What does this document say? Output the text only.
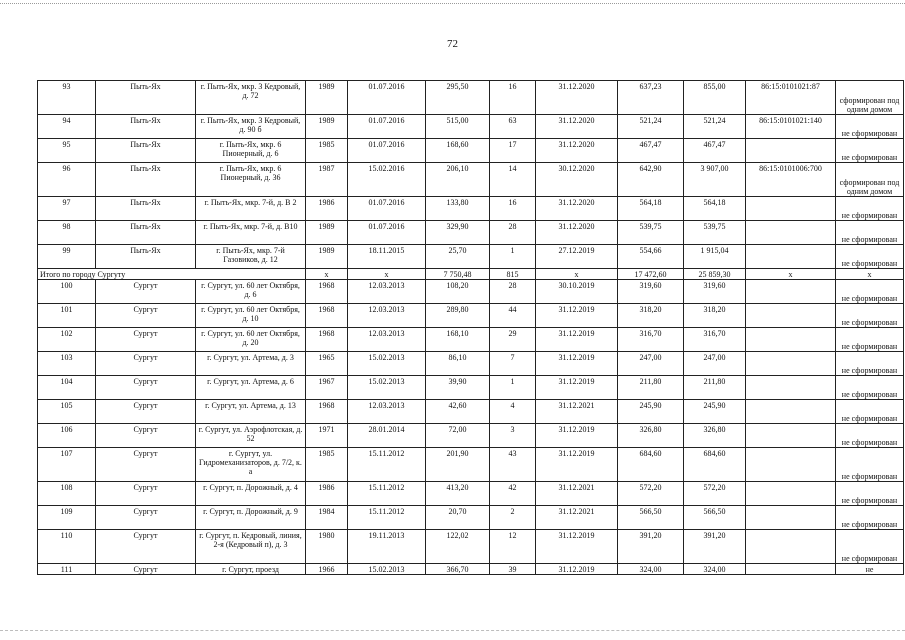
72
93	Пыть-Ях	г. Пыть-Ях, мкр. 3 Кедровый, д. 72	1989	01.07.2016	295,50	16	31.12.2020	637,23	855,00	86:15:0101021:87	сформирован под одним домом
94	Пыть-Ях	г. Пыть-Ях, мкр. 3 Кедровый, д. 90 б	1989	01.07.2016	515,00	63	31.12.2020	521,24	521,24	86:15:0101021:140	не сформирован
95	Пыть-Ях	г. Пыть-Ях, мкр. 6 Пионерный, д. 6	1985	01.07.2016	168,60	17	31.12.2020	467,47	467,47		не сформирован
96	Пыть-Ях	г. Пыть-Ях, мкр. 6 Пионерный, д. 36	1987	15.02.2016	206,10	14	30.12.2020	642,90	3 907,00	86:15:0101006:700	сформирован под одним домом
97	Пыть-Ях	г. Пыть-Ях, мкр. 7-й, д. В 2	1986	01.07.2016	133,80	16	31.12.2020	564,18	564,18		не сформирован
98	Пыть-Ях	г. Пыть-Ях, мкр. 7-й, д. В10	1989	01.07.2016	329,90	28	31.12.2020	539,75	539,75		не сформирован
99	Пыть-Ях	г. Пыть-Ях, мкр. 7-й Газовиков, д. 12	1989	18.11.2015	25,70	1	27.12.2019	554,66	1 915,04		не сформирован
Итого по городу Сургуту			x	x	7 750,48	815	x	17 472,60	25 859,30	x	x
100	Сургут	г. Сургут, ул. 60 лет Октября, д. 6	1968	12.03.2013	108,20	28	30.10.2019	319,60	319,60		не сформирован
101	Сургут	г. Сургут, ул. 60 лет Октября, д. 10	1968	12.03.2013	289,80	44	31.12.2019	318,20	318,20		не сформирован
102	Сургут	г. Сургут, ул. 60 лет Октября, д. 20	1968	12.03.2013	168,10	29	31.12.2019	316,70	316,70		не сформирован
103	Сургут	г. Сургут, ул. Артема, д. 3	1965	15.02.2013	86,10	7	31.12.2019	247,00	247,00		не сформирован
104	Сургут	г. Сургут, ул. Артема, д. 6	1967	15.02.2013	39,90	1	31.12.2019	211,80	211,80		не сформирован
105	Сургут	г. Сургут, ул. Артема, д. 13	1968	12.03.2013	42,60	4	31.12.2021	245,90	245,90		не сформирован
106	Сургут	г. Сургут, ул. Аэрофлотская, д. 52	1971	28.01.2014	72,00	3	31.12.2019	326,80	326,80		не сформирован
107	Сургут	г. Сургут, ул. Гидромеханизаторов, д. 7/2, к. а	1985	15.11.2012	201,90	43	31.12.2019	684,60	684,60		не сформирован
108	Сургут	г. Сургут, п. Дорожный, д. 4	1986	15.11.2012	413,20	42	31.12.2021	572,20	572,20		не сформирован
109	Сургут	г. Сургут, п. Дорожный, д. 9	1984	15.11.2012	20,70	2	31.12.2021	566,50	566,50		не сформирован
110	Сургут	г. Сургут, п. Кедровый, линия, 2-я (Кедровый п), д. 3	1980	19.11.2013	122,02	12	31.12.2019	391,20	391,20		не сформирован
111	Сургут	г. Сургут, проезд	1966	15.02.2013	366,70	39	31.12.2019	324,00	324,00		не
